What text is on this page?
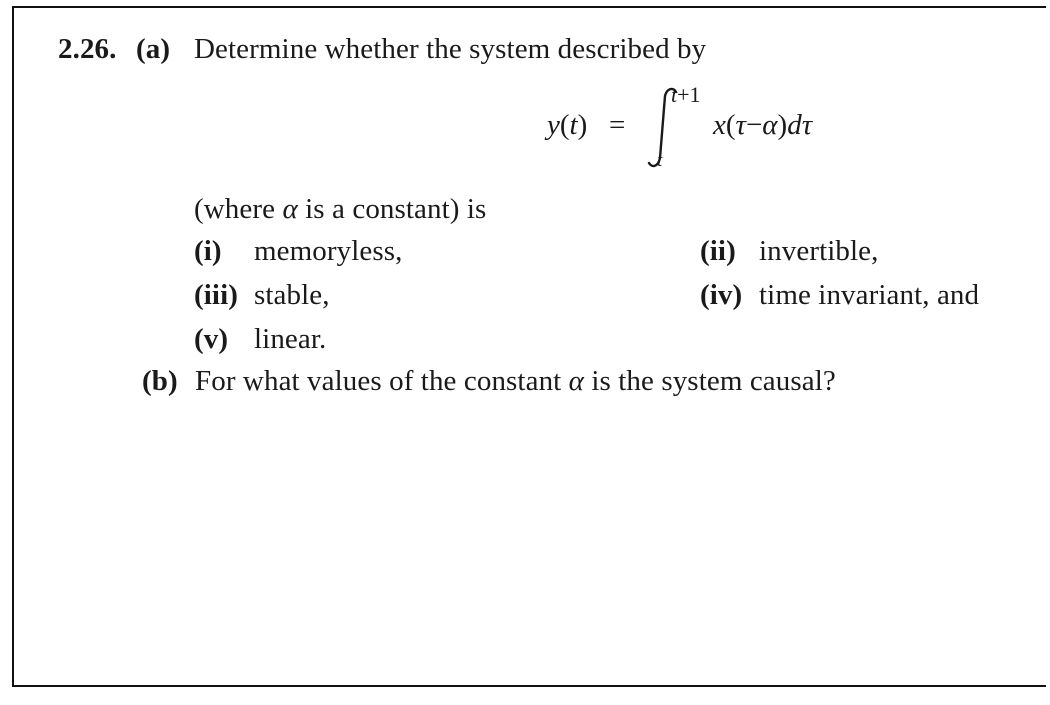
2.26. (a) Determine whether the system described by
y(t) =
t+1
t
x(τ−α)dτ
(where α is a constant) is
(i) memoryless,	(ii) invertible,
(iii) stable,	(iv) time invariant, and
(v) linear.
(b) For what values of the constant α is the system causal?
